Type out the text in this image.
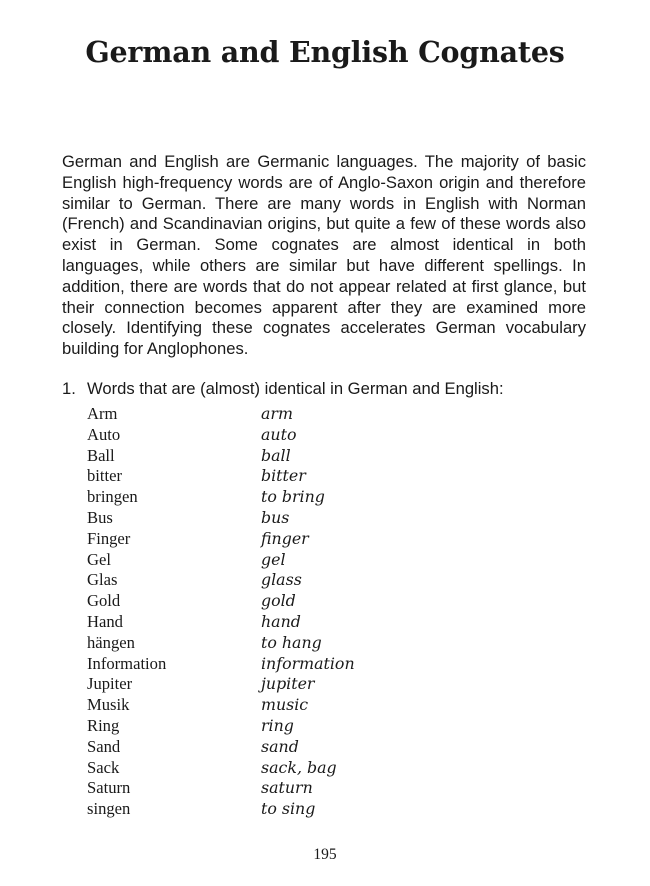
German and English Cognates

German and English are Germanic languages. The majority of basic English high-frequency words are of Anglo-Saxon origin and therefore similar to German. There are many words in English with Norman (French) and Scandinavian origins, but quite a few of these words also exist in German. Some cognates are almost identical in both languages, while others are similar but have different spellings. In addition, there are words that do not appear related at first glance, but their connection becomes apparent after they are examined more closely. Identifying these cognates accelerates German vocabulary building for Anglophones.

1. Words that are (almost) identical in German and English:

Arm	arm
Auto	auto
Ball	ball
bitter	bitter
bringen	to bring
Bus	bus
Finger	finger
Gel	gel
Glas	glass
Gold	gold
Hand	hand
hängen	to hang
Information	information
Jupiter	jupiter
Musik	music
Ring	ring
Sand	sand
Sack	sack, bag
Saturn	saturn
singen	to sing
195
